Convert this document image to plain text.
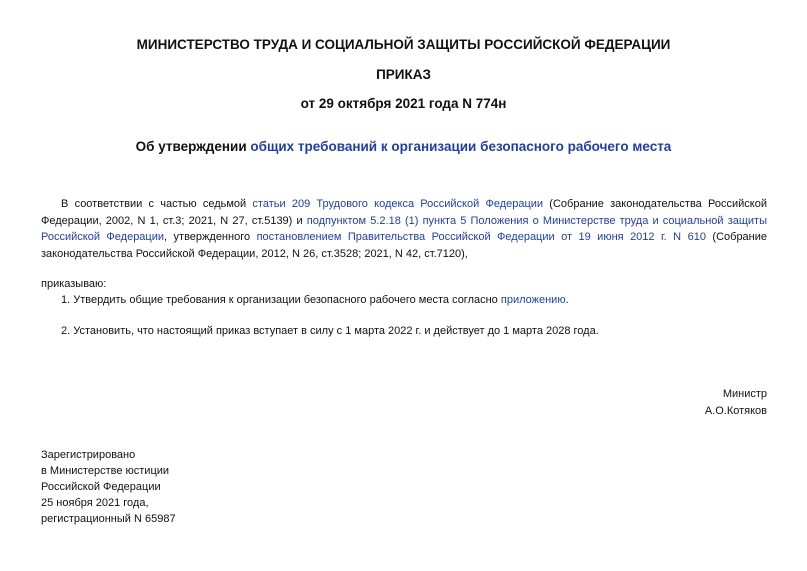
МИНИСТЕРСТВО ТРУДА И СОЦИАЛЬНОЙ ЗАЩИТЫ РОССИЙСКОЙ ФЕДЕРАЦИИ
ПРИКАЗ
от 29 октября 2021 года N 774н
Об утверждении общих требований к организации безопасного рабочего места
В соответствии с частью седьмой статьи 209 Трудового кодекса Российской Федерации (Собрание законодательства Российской Федерации, 2002, N 1, ст.3; 2021, N 27, ст.5139) и подпунктом 5.2.18 (1) пункта 5 Положения о Министерстве труда и социальной защиты Российской Федерации, утвержденного постановлением Правительства Российской Федерации от 19 июня 2012 г. N 610 (Собрание законодательства Российской Федерации, 2012, N 26, ст.3528; 2021, N 42, ст.7120),
приказываю:
1. Утвердить общие требования к организации безопасного рабочего места согласно приложению.
2. Установить, что настоящий приказ вступает в силу с 1 марта 2022 г. и действует до 1 марта 2028 года.
Министр
А.О.Котяков
Зарегистрировано
в Министерстве юстиции
Российской Федерации
25 ноября 2021 года,
регистрационный N 65987
